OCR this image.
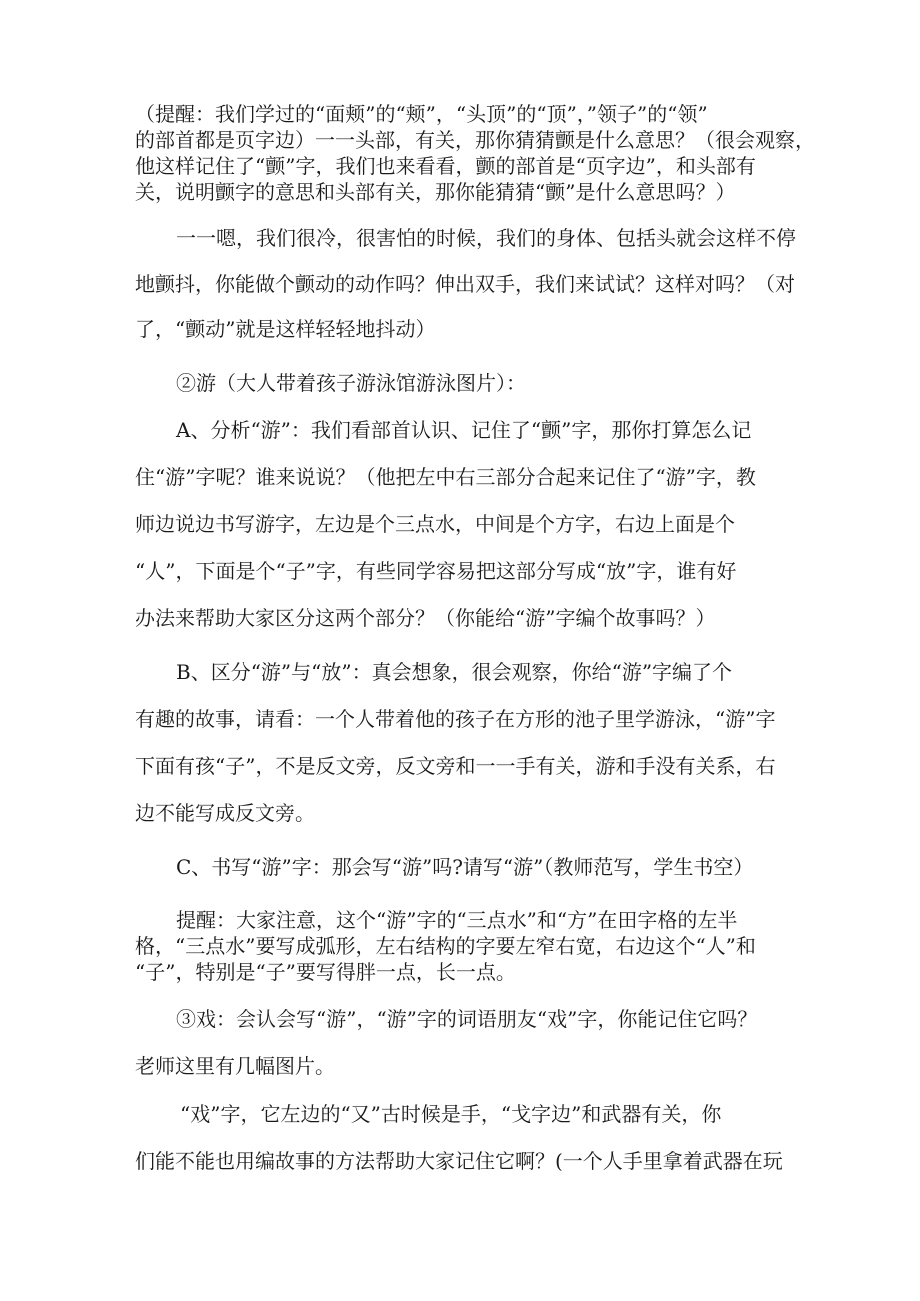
（提醒：我们学过的“面颊”的“颊”，“头顶”的“顶”，”领子”的“领”
的部首都是页字边）一一头部，有关，那你猜猜颤是什么意思？（很会观察，
他这样记住了“颤”字，我们也来看看，颤的部首是“页字边”，和头部有
关，说明颤字的意思和头部有关，那你能猜猜“颤”是什么意思吗？）
一一嗯，我们很冷，很害怕的时候，我们的身体、包括头就会这样不停
地颤抖，你能做个颤动的动作吗？伸出双手，我们来试试？这样对吗？（对
了，“颤动”就是这样轻轻地抖动）
②游（大人带着孩子游泳馆游泳图片）：
A、分析“游”：我们看部首认识、记住了“颤”字，那你打算怎么记
住“游”字呢？谁来说说？（他把左中右三部分合起来记住了“游”字，教
师边说边书写游字，左边是个三点水，中间是个方字，右边上面是个
“人”，下面是个“子”字，有些同学容易把这部分写成“放”字，谁有好
办法来帮助大家区分这两个部分？（你能给“游”字编个故事吗？）
B、区分“游”与“放”：真会想象，很会观察，你给“游”字编了个
有趣的故事，请看：一个人带着他的孩子在方形的池子里学游泳，“游”字
下面有孩“子”，不是反文旁，反文旁和一一手有关，游和手没有关系，右
边不能写成反文旁。
C、书写“游”字：那会写“游”吗?请写“游”（教师范写，学生书空）
提醒：大家注意，这个“游”字的“三点水”和“方”在田字格的左半
格，“三点水”要写成弧形，左右结构的字要左窄右宽，右边这个“人”和
“子”，特别是“子”要写得胖一点，长一点。
③戏：会认会写“游”，“游”字的词语朋友“戏”字，你能记住它吗？
老师这里有几幅图片。
“戏”字，它左边的“又”古时候是手，“戈字边”和武器有关，你
们能不能也用编故事的方法帮助大家记住它啊？(一个人手里拿着武器在玩
